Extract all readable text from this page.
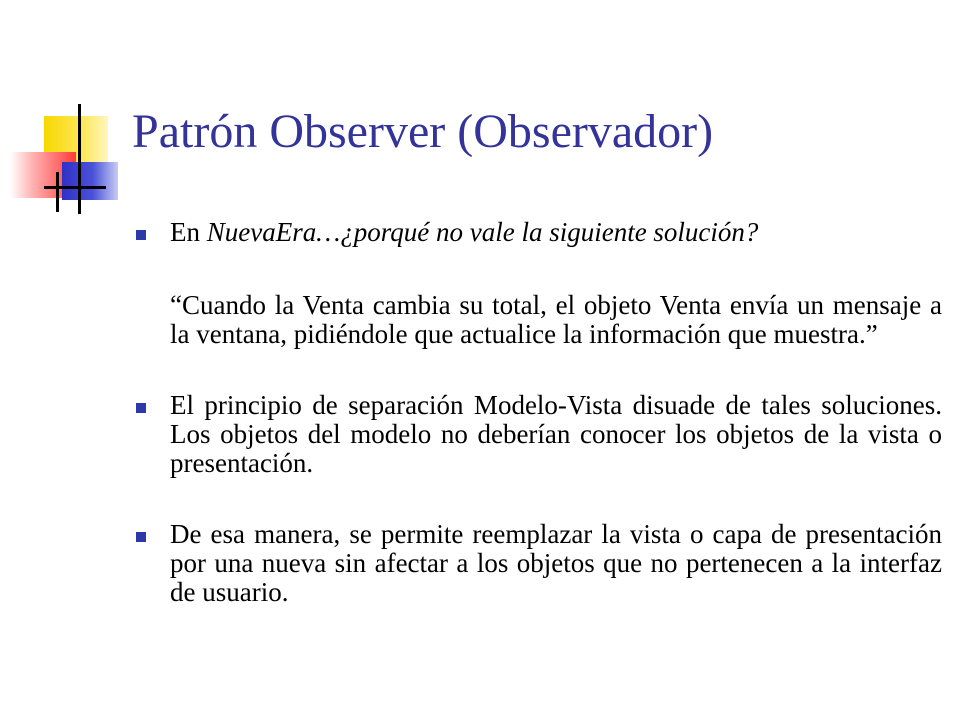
Patrón Observer (Observador)
En NuevaEra…¿porqué no vale la siguiente solución?
“Cuando la Venta cambia su total, el objeto Venta envía un mensaje a la ventana, pidiéndole que actualice la información que muestra.”
El principio de separación Modelo-Vista disuade de tales soluciones. Los objetos del modelo no deberían conocer los objetos de la vista o presentación.
De esa manera, se permite reemplazar la vista o capa de presentación por una nueva sin afectar a los objetos que no pertenecen a la interfaz de usuario.
